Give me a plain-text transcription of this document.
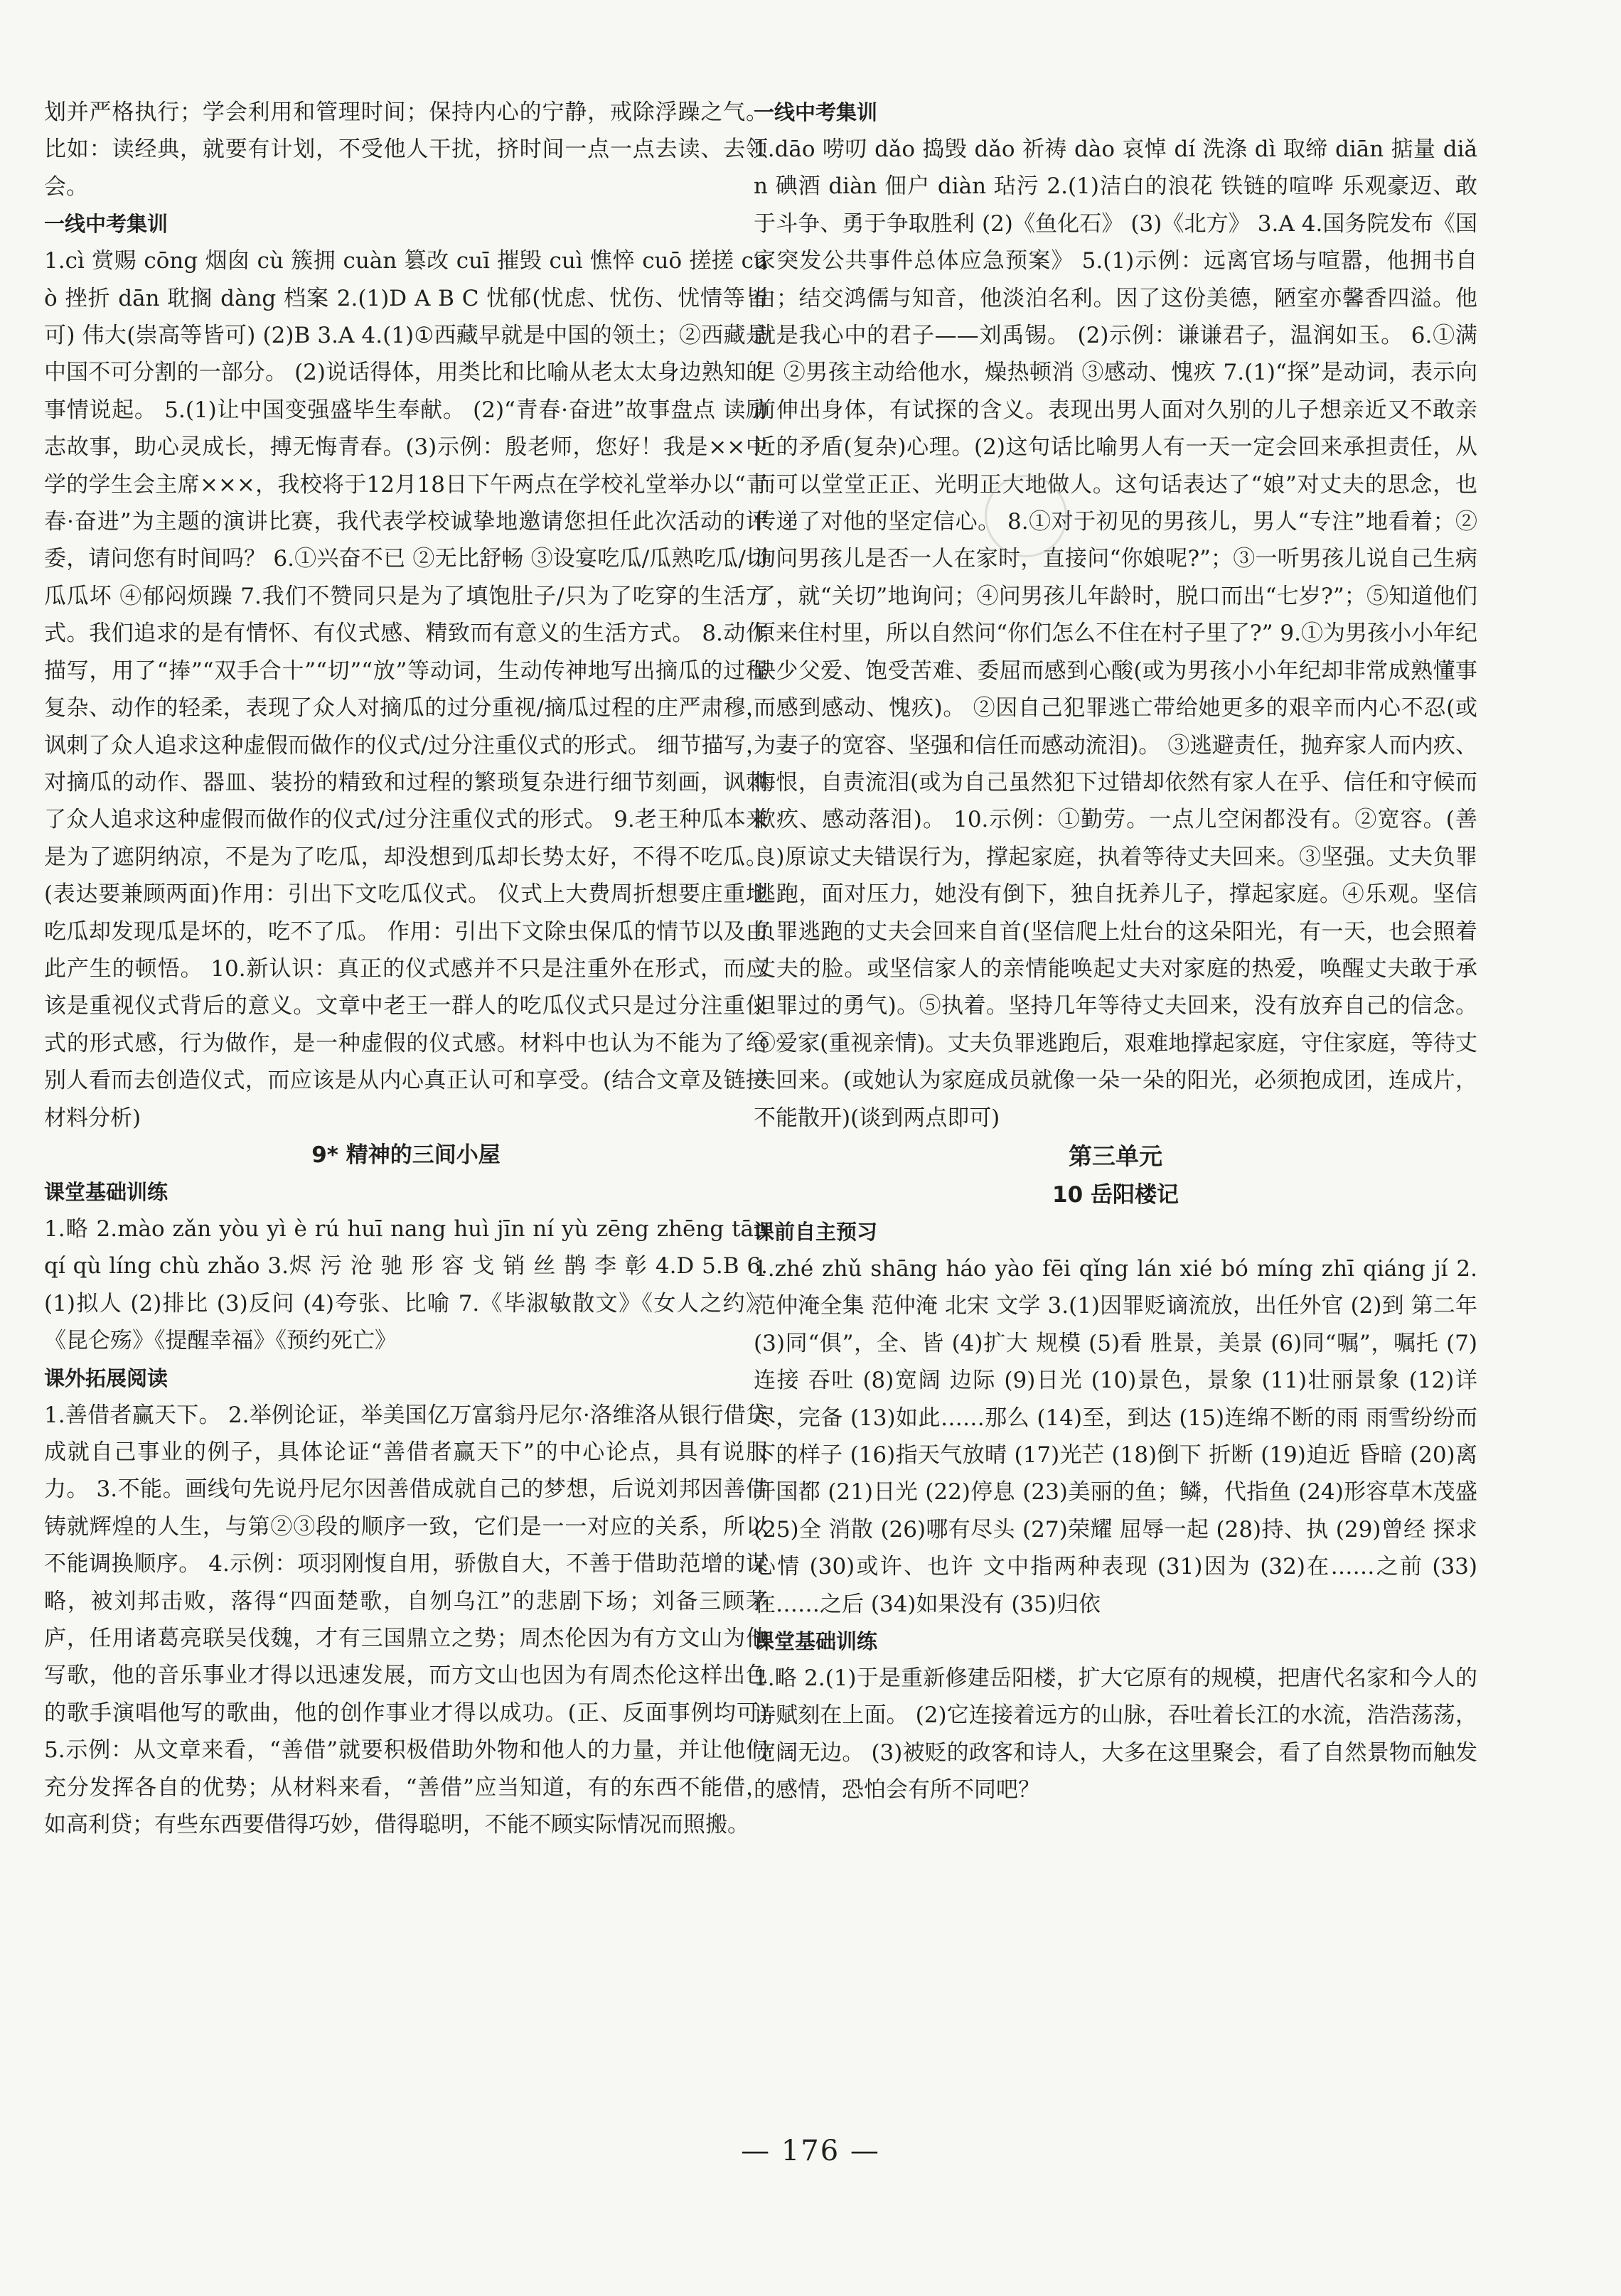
划并严格执行；学会利用和管理时间；保持内心的宁静，戒除浮躁之气。比如：读经典，就要有计划，不受他人干扰，挤时间一点一点去读、去领会。

一线中考集训

1.cì 赏赐 cōng 烟囱 cù 簇拥 cuàn 篡改 cuī 摧毁 cuì 憔悴 cuō 搓搓 cuò 挫折 dān 耽搁 dàng 档案 2.(1)D A B C 忧郁(忧虑、忧伤、忧情等皆可) 伟大(崇高等皆可) (2)B 3.A 4.(1)①西藏早就是中国的领土；②西藏是中国不可分割的一部分。 (2)说话得体，用类比和比喻从老太太身边熟知的事情说起。 5.(1)让中国变强盛毕生奉献。 (2)“青春·奋进”故事盘点 读励志故事，助心灵成长，搏无悔青春。(3)示例：殷老师，您好！我是××中学的学生会主席×××，我校将于12月18日下午两点在学校礼堂举办以“青春·奋进”为主题的演讲比赛，我代表学校诚挚地邀请您担任此次活动的评委，请问您有时间吗？ 6.①兴奋不已 ②无比舒畅 ③设宴吃瓜/瓜熟吃瓜/切瓜瓜坏 ④郁闷烦躁 7.我们不赞同只是为了填饱肚子/只为了吃穿的生活方式。我们追求的是有情怀、有仪式感、精致而有意义的生活方式。 8.动作描写，用了“捧”“双手合十”“切”“放”等动词，生动传神地写出摘瓜的过程复杂、动作的轻柔，表现了众人对摘瓜的过分重视/摘瓜过程的庄严肃穆，讽刺了众人追求这种虚假而做作的仪式/过分注重仪式的形式。 细节描写，对摘瓜的动作、器皿、装扮的精致和过程的繁琐复杂进行细节刻画，讽刺了众人追求这种虚假而做作的仪式/过分注重仪式的形式。 9.老王种瓜本来是为了遮阴纳凉，不是为了吃瓜，却没想到瓜却长势太好，不得不吃瓜。(表达要兼顾两面)作用：引出下文吃瓜仪式。 仪式上大费周折想要庄重地吃瓜却发现瓜是坏的，吃不了瓜。 作用：引出下文除虫保瓜的情节以及由此产生的顿悟。 10.新认识：真正的仪式感并不只是注重外在形式，而应该是重视仪式背后的意义。文章中老王一群人的吃瓜仪式只是过分注重仪式的形式感，行为做作，是一种虚假的仪式感。材料中也认为不能为了给别人看而去创造仪式，而应该是从内心真正认可和享受。(结合文章及链接材料分析)

9* 精神的三间小屋

课堂基础训练

1.略 2.mào zǎn yòu yì è rú huī nang huì jīn ní yù zēng zhēng tān qí qù líng chù zhǎo 3.烬 污 沧 驰 形 容 戈 销 丝 鹊 李 彰 4.D 5.B 6.(1)拟人 (2)排比 (3)反问 (4)夸张、比喻 7.《毕淑敏散文》《女人之约》《昆仑殇》《提醒幸福》《预约死亡》

课外拓展阅读

1.善借者赢天下。 2.举例论证，举美国亿万富翁丹尼尔·洛维洛从银行借贷成就自己事业的例子，具体论证“善借者赢天下”的中心论点，具有说服力。 3.不能。画线句先说丹尼尔因善借成就自己的梦想，后说刘邦因善借铸就辉煌的人生，与第②③段的顺序一致，它们是一一对应的关系，所以不能调换顺序。 4.示例：项羽刚愎自用，骄傲自大，不善于借助范增的谋略，被刘邦击败，落得“四面楚歌，自刎乌江”的悲剧下场；刘备三顾茅庐，任用诸葛亮联吴伐魏，才有三国鼎立之势；周杰伦因为有方文山为他写歌，他的音乐事业才得以迅速发展，而方文山也因为有周杰伦这样出色的歌手演唱他写的歌曲，他的创作事业才得以成功。(正、反面事例均可) 5.示例：从文章来看，“善借”就要积极借助外物和他人的力量，并让他们充分发挥各自的优势；从材料来看，“善借”应当知道，有的东西不能借，如高利贷；有些东西要借得巧妙，借得聪明，不能不顾实际情况而照搬。

一线中考集训

1.dāo 唠叨 dǎo 捣毁 dǎo 祈祷 dào 哀悼 dí 洗涤 dì 取缔 diān 掂量 diǎn 碘酒 diàn 佃户 diàn 玷污 2.(1)洁白的浪花 铁链的喧哗 乐观豪迈、敢于斗争、勇于争取胜利 (2)《鱼化石》 (3)《北方》 3.A 4.国务院发布《国家突发公共事件总体应急预案》 5.(1)示例：远离官场与喧嚣，他拥书自由；结交鸿儒与知音，他淡泊名利。因了这份美德，陋室亦馨香四溢。他就是我心中的君子——刘禹锡。 (2)示例：谦谦君子，温润如玉。 6.①满足 ②男孩主动给他水，燥热顿消 ③感动、愧疚 7.(1)“探”是动词，表示向前伸出身体，有试探的含义。表现出男人面对久别的儿子想亲近又不敢亲近的矛盾(复杂)心理。(2)这句话比喻男人有一天一定会回来承担责任，从而可以堂堂正正、光明正大地做人。这句话表达了“娘”对丈夫的思念，也传递了对他的坚定信心。 8.①对于初见的男孩儿，男人“专注”地看着；②询问男孩儿是否一人在家时，直接问“你娘呢?”；③一听男孩儿说自己生病了，就“关切”地询问；④问男孩儿年龄时，脱口而出“七岁?”；⑤知道他们原来住村里，所以自然问“你们怎么不住在村子里了?” 9.①为男孩小小年纪缺少父爱、饱受苦难、委屈而感到心酸(或为男孩小小年纪却非常成熟懂事而感到感动、愧疚)。 ②因自己犯罪逃亡带给她更多的艰辛而内心不忍(或为妻子的宽容、坚强和信任而感动流泪)。 ③逃避责任，抛弃家人而内疚、悔恨，自责流泪(或为自己虽然犯下过错却依然有家人在乎、信任和守候而歉疚、感动落泪)。 10.示例：①勤劳。一点儿空闲都没有。②宽容。(善良)原谅丈夫错误行为，撑起家庭，执着等待丈夫回来。③坚强。丈夫负罪逃跑，面对压力，她没有倒下，独自抚养儿子，撑起家庭。④乐观。坚信负罪逃跑的丈夫会回来自首(坚信爬上灶台的这朵阳光，有一天，也会照着丈夫的脸。或坚信家人的亲情能唤起丈夫对家庭的热爱，唤醒丈夫敢于承担罪过的勇气)。⑤执着。坚持几年等待丈夫回来，没有放弃自己的信念。⑥爱家(重视亲情)。丈夫负罪逃跑后，艰难地撑起家庭，守住家庭，等待丈夫回来。(或她认为家庭成员就像一朵一朵的阳光，必须抱成团，连成片，不能散开)(谈到两点即可)

第三单元

10 岳阳楼记

课前自主预习

1.zhé zhǔ shāng háo yào fēi qǐng lán xié bó míng zhī qiáng jí 2.范仲淹全集 范仲淹 北宋 文学 3.(1)因罪贬谪流放，出任外官 (2)到 第二年 (3)同“俱”，全、皆 (4)扩大 规模 (5)看 胜景，美景 (6)同“嘱”，嘱托 (7)连接 吞吐 (8)宽阔 边际 (9)日光 (10)景色，景象 (11)壮丽景象 (12)详尽，完备 (13)如此……那么 (14)至，到达 (15)连绵不断的雨 雨雪纷纷而下的样子 (16)指天气放晴 (17)光芒 (18)倒下 折断 (19)迫近 昏暗 (20)离开国都 (21)日光 (22)停息 (23)美丽的鱼；鳞，代指鱼 (24)形容草木茂盛 (25)全 消散 (26)哪有尽头 (27)荣耀 屈辱一起 (28)持、执 (29)曾经 探求 心情 (30)或许、也许 文中指两种表现 (31)因为 (32)在……之前 (33)在……之后 (34)如果没有 (35)归依

课堂基础训练

1.略 2.(1)于是重新修建岳阳楼，扩大它原有的规模，把唐代名家和今人的诗赋刻在上面。 (2)它连接着远方的山脉，吞吐着长江的水流，浩浩荡荡，宽阔无边。 (3)被贬的政客和诗人，大多在这里聚会，看了自然景物而触发的感情，恐怕会有所不同吧？

— 176 —
